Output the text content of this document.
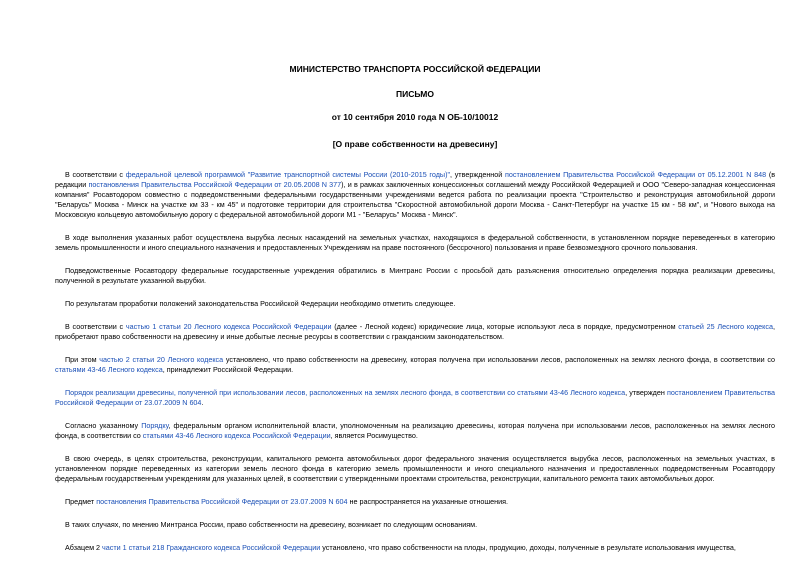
МИНИСТЕРСТВО ТРАНСПОРТА РОССИЙСКОЙ ФЕДЕРАЦИИ

ПИСЬМО

от 10 сентября 2010 года N ОБ-10/10012

[О праве собственности на древесину]

В соответствии с федеральной целевой программой "Развитие транспортной системы России (2010-2015 годы)", утвержденной постановлением Правительства Российской Федерации от 05.12.2001 N 848 (в редакции постановления Правительства Российской Федерации от 20.05.2008 N 377), и в рамках заключенных концессионных соглашений между Российской Федерацией и ООО "Северо-западная концессионная компания" Росавтодором совместно с подведомственными федеральными государственными учреждениями ведется работа по реализации проекта "Строительство и реконструкция автомобильной дороги "Беларусь" Москва - Минск на участке км 33 - км 45" и подготовке территории для строительства "Скоростной автомобильной дороги Москва - Санкт-Петербург на участке 15 км - 58 км", и "Нового выхода на Московскую кольцевую автомобильную дорогу с федеральной автомобильной дороги М1 - "Беларусь" Москва - Минск".

В ходе выполнения указанных работ осуществлена вырубка лесных насаждений на земельных участках, находящихся в федеральной собственности, в установленном порядке переведенных в категорию земель промышленности и иного специального назначения и предоставленных Учреждениям на праве постоянного (бессрочного) пользования и праве безвозмездного срочного пользования.

Подведомственные Росавтодору федеральные государственные учреждения обратились в Минтранс России с просьбой дать разъяснения относительно определения порядка реализации древесины, полученной в результате указанной вырубки.

По результатам проработки положений законодательства Российской Федерации необходимо отметить следующее.

В соответствии с частью 1 статьи 20 Лесного кодекса Российской Федерации (далее - Лесной кодекс) юридические лица, которые используют леса в порядке, предусмотренном статьей 25 Лесного кодекса, приобретают право собственности на древесину и иные добытые лесные ресурсы в соответствии с гражданским законодательством.

При этом частью 2 статьи 20 Лесного кодекса установлено, что право собственности на древесину, которая получена при использовании лесов, расположенных на землях лесного фонда, в соответствии со статьями 43-46 Лесного кодекса, принадлежит Российской Федерации.

Порядок реализации древесины, полученной при использовании лесов, расположенных на землях лесного фонда, в соответствии со статьями 43-46 Лесного кодекса, утвержден постановлением Правительства Российской Федерации от 23.07.2009 N 604.

Согласно указанному Порядку, федеральным органом исполнительной власти, уполномоченным на реализацию древесины, которая получена при использовании лесов, расположенных на землях лесного фонда, в соответствии со статьями 43-46 Лесного кодекса Российской Федерации, является Росимущество.

В свою очередь, в целях строительства, реконструкции, капитального ремонта автомобильных дорог федерального значения осуществляется вырубка лесов, расположенных на земельных участках, в установленном порядке переведенных из категории земель лесного фонда в категорию земель промышленности и иного специального назначения и предоставленных подведомственным Росавтодору федеральным государственным учреждениям для указанных целей, в соответствии с утвержденными проектами строительства, реконструкции, капитального ремонта таких автомобильных дорог.

Предмет постановления Правительства Российской Федерации от 23.07.2009 N 604 не распространяется на указанные отношения.

В таких случаях, по мнению Минтранса России, право собственности на древесину, возникает по следующим основаниям.

Абзацем 2 части 1 статьи 218 Гражданского кодекса Российской Федерации установлено, что право собственности на плоды, продукцию, доходы, полученные в результате использования имущества,
